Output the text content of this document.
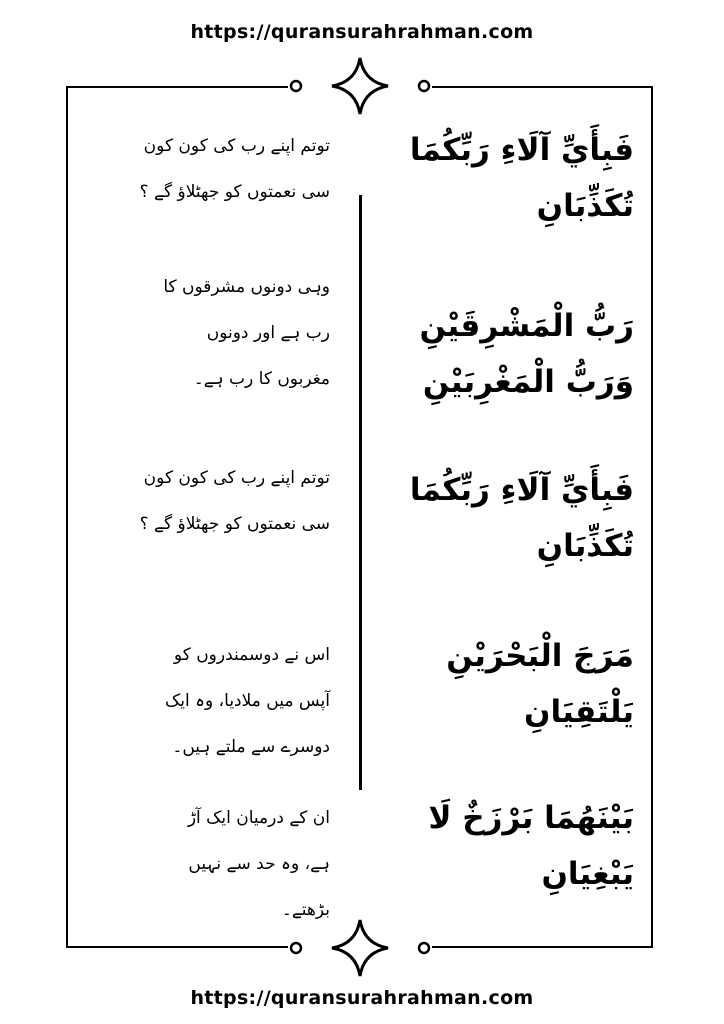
https://quransurahrahman.com
فَبِأَيِّ آلَاءِ رَبِّكُمَا
تُكَذِّبَانِ
توتم اپنے رب کی کون کون
سی نعمتوں کو جھٹلاؤ گے ؟
رَبُّ الْمَشْرِقَيْنِ
وَرَبُّ الْمَغْرِبَيْنِ
وہی دونوں مشرقوں کا
رب ہے اور دونوں
مغربوں کا رب ہے۔
فَبِأَيِّ آلَاءِ رَبِّكُمَا
تُكَذِّبَانِ
توتم اپنے رب کی کون کون
سی نعمتوں کو جھٹلاؤ گے ؟
مَرَجَ الْبَحْرَيْنِ
يَلْتَقِيَانِ
اس نے دوسمندروں کو
آپس میں ملادیا، وہ ایک
دوسرے سے ملتے ہیں۔
بَيْنَهُمَا بَرْزَخٌ لَا
يَبْغِيَانِ
ان کے درمیان ایک آڑ
ہے، وہ حد سے نہیں
بڑھتے۔
https://quransurahrahman.com
